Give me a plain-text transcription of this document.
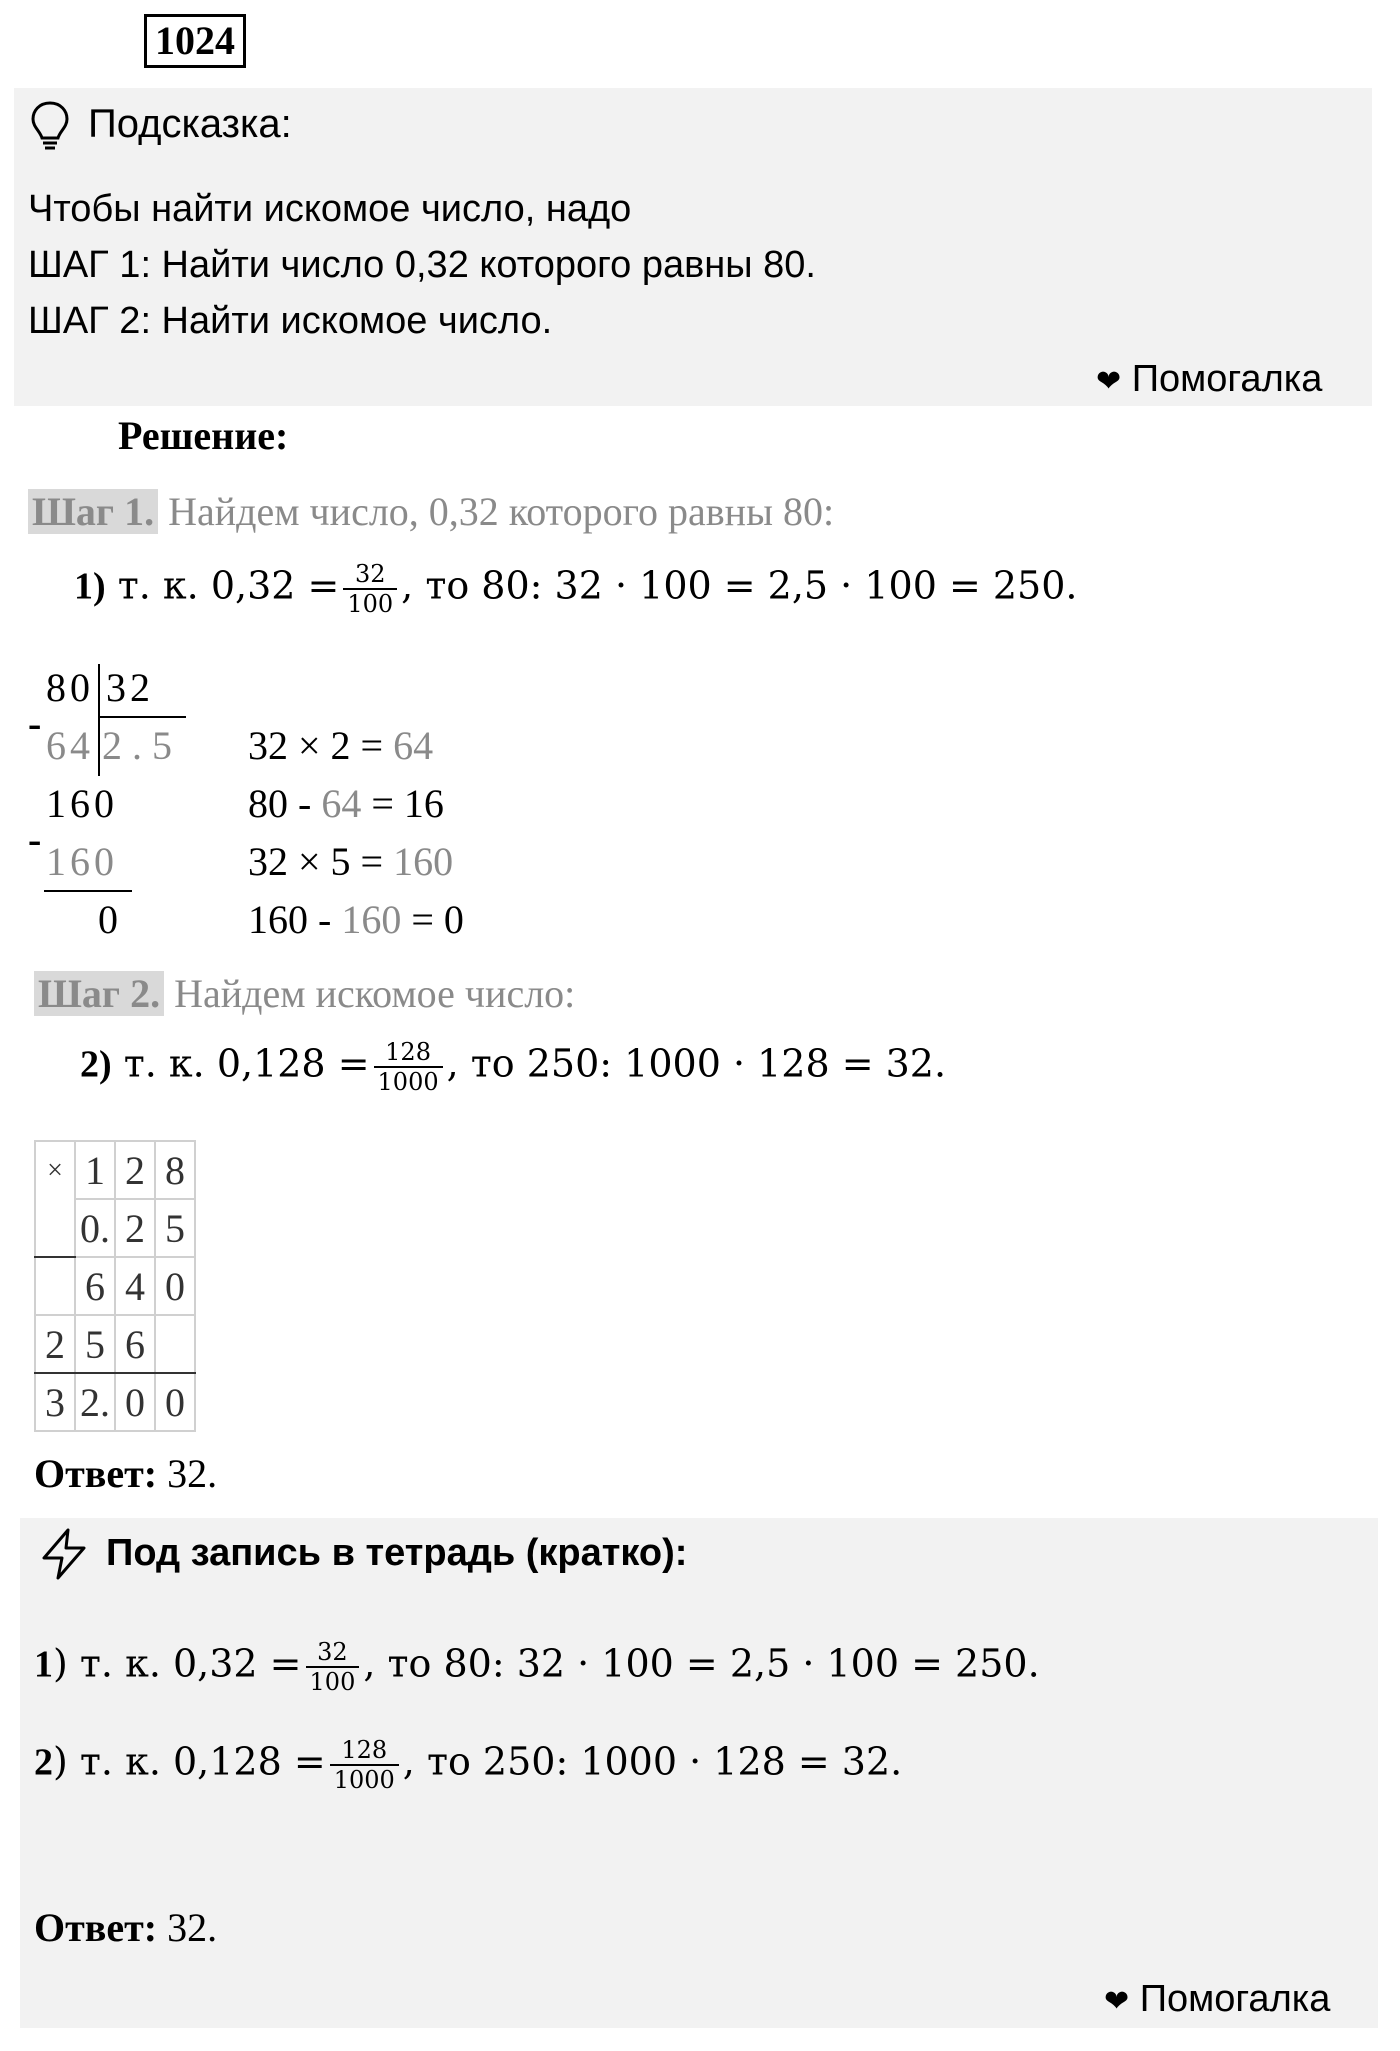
1024
Подсказка:
Чтобы найти искомое число, надо
ШАГ 1: Найти число 0,32 которого равны 80.
ШАГ 2: Найти искомое число.
❤ Помогалка
Решение:
Шаг 1. Найдем число, 0,32 которого равны 80:
1) т. к. $0,32 = \frac{32}{100}$ , то 80: 32 · 100 = 2,5 · 100 = 250.
80 32
- 64 2 . 5
160
- 160
0
32 × 2 = 64
80 - 64 = 16
32 × 5 = 160
160 - 160 = 0
Шаг 2. Найдем искомое число:
2) т. к. $0,128 = \frac{128}{1000}$ , то 250: 1000 · 128 = 32.
×	1	2	8
	0.	2	5
	6	4	0
2	5	6	
3	2.	0	0
Ответ: 32.
Под запись в тетрадь (кратко):
1) т. к. $0,32 = \frac{32}{100}$ , то 80: 32 · 100 = 2,5 · 100 = 250.
2) т. к. $0,128 = \frac{128}{1000}$ , то 250: 1000 · 128 = 32.
Ответ: 32.
❤ Помогалка
